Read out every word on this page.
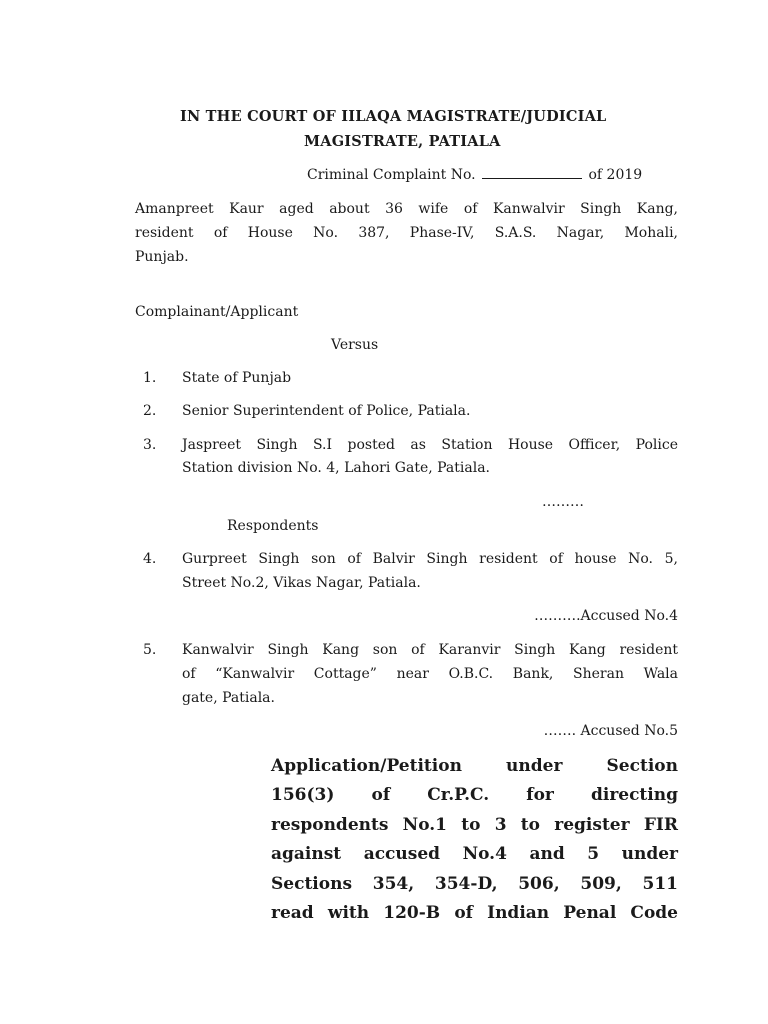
IN THE COURT OF IILAQA MAGISTRATE/JUDICIAL
MAGISTRATE, PATIALA
Criminal Complaint No.	of 2019
Amanpreet Kaur aged about 36 wife of Kanwalvir Singh Kang,
resident of House No. 387, Phase-IV, S.A.S. Nagar, Mohali,
Punjab.
Complainant/Applicant
Versus
1. State of Punjab
2. Senior Superintendent of Police, Patiala.
3. Jaspreet Singh S.I posted as Station House Officer, Police
Station division No. 4, Lahori Gate, Patiala.
………
Respondents
4. Gurpreet Singh son of Balvir Singh resident of house No. 5,
Street No.2, Vikas Nagar, Patiala.
……….Accused No.4
5. Kanwalvir Singh Kang son of Karanvir Singh Kang resident
of “Kanwalvir Cottage” near O.B.C. Bank, Sheran Wala
gate, Patiala.
……. Accused No.5
Application/Petition under Section
156(3) of Cr.P.C. for directing
respondents No.1 to 3 to register FIR
against accused No.4 and 5 under
Sections 354, 354-D, 506, 509, 511
read with 120-B of Indian Penal Code
